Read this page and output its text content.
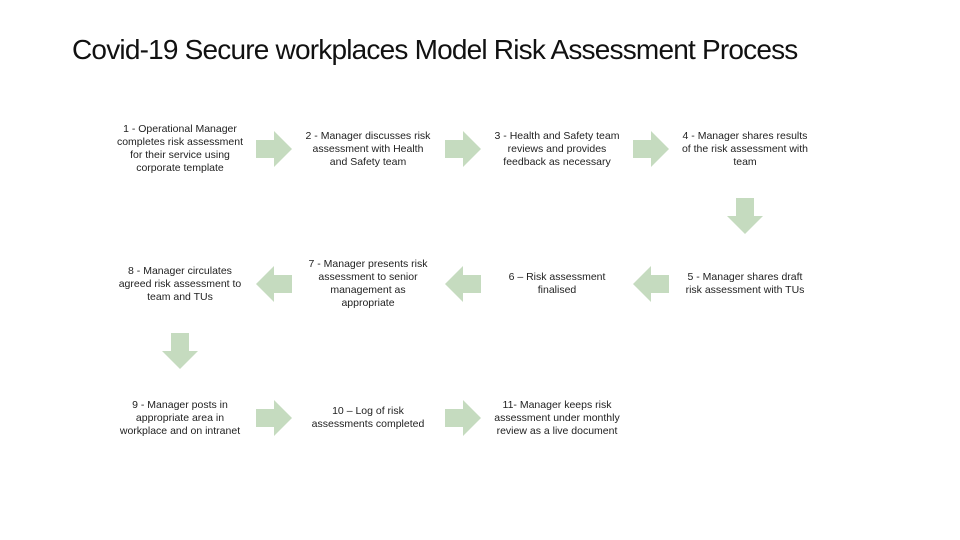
Covid-19 Secure workplaces Model Risk Assessment Process
1 - Operational Manager completes risk assessment for their service using corporate template
2 - Manager discusses risk assessment with Health and Safety team
3 - Health and Safety team reviews and provides feedback as necessary
4 - Manager shares results of the risk assessment with team
8 - Manager circulates agreed risk assessment to team and TUs
7 - Manager presents risk assessment to senior management as appropriate
6 – Risk assessment finalised
5 - Manager shares draft risk assessment with TUs
9 - Manager posts in appropriate area in workplace and on intranet
10 – Log of risk assessments completed
11- Manager keeps risk assessment under monthly review as a live document
